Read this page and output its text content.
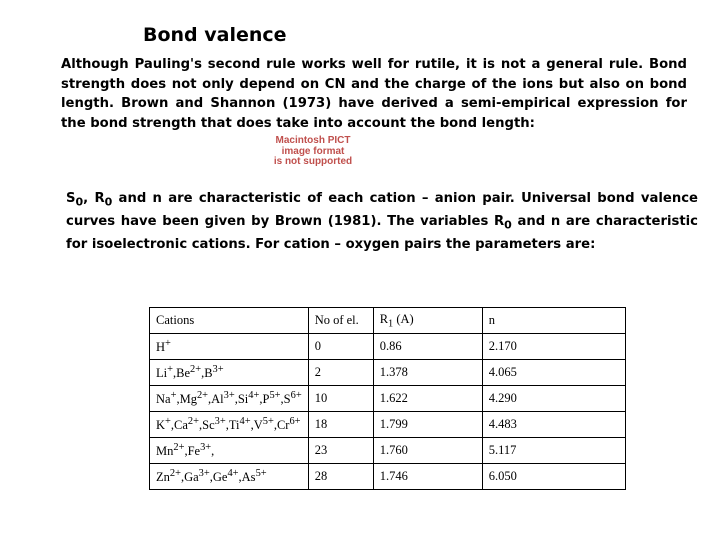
Bond valence
Although Pauling's second rule works well for rutile, it is not a general rule. Bond strength does not only depend on CN and the charge of the ions but also on bond length. Brown and Shannon (1973) have derived a semi-empirical expression for the bond strength that does take into account the bond length:
Macintosh PICT
image format
is not supported
$S_0$, $R_0$ and n are characteristic of each cation – anion pair. Universal bond valence curves have been given by Brown (1981). The variables $R_0$ and n are characteristic for isoelectronic cations. For cation – oxygen pairs the parameters are:
Cations	No of el.	$R_1$ (A)	n
H+	0	0.86	2.170
$Li^+,Be^{2+},B^{3+}$	2	1.378	4.065
$Na^+,Mg^{2+},Al^{3+},Si^{4+},P^{5+},S^{6+}$	10	1.622	4.290
$K^+,Ca^{2+},Sc^{3+},Ti^{4+},V^{5+},Cr^{6+}$	18	1.799	4.483
$Mn^{2+},Fe^{3+}$,	23	1.760	5.117
$Zn^{2+},Ga^{3+},Ge^{4+},As^{5+}$	28	1.746	6.050
